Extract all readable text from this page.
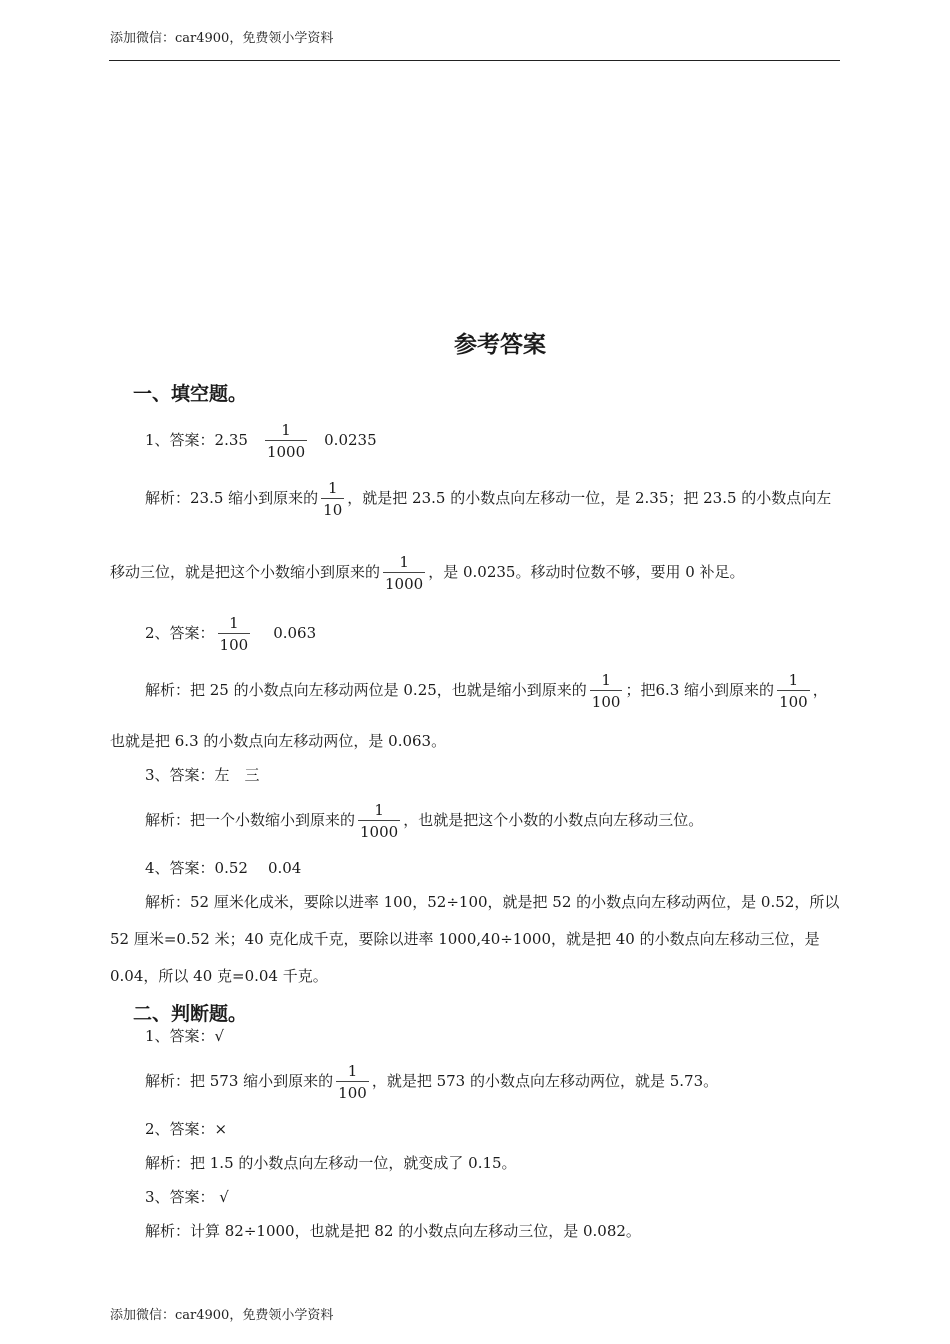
添加微信：car4900，免费领小学资料
参考答案
一、填空题。
1、答案：$2.35 \frac{1}{1000} 0.0235$
解析：23.5 缩小到原来的 $\frac{1}{10}$ ，就是把 23.5 的小数点向左移动一位，是 2.35；把 23.5 的小数点向左
移动三位，就是把这个小数缩小到原来的 $\frac{1}{1000}$ ，是 0.0235。移动时位数不够，要用 0 补足。
2、答案： $\frac{1}{100} 0.063$
解析：把 25 的小数点向左移动两位是 0.25，也就是缩小到原来的 $\frac{1}{100}$ ；把6.3 缩小到原来的 $\frac{1}{100}$ ，
也就是把 6.3 的小数点向左移动两位，是 0.063。
3、答案：左　三
解析：把一个小数缩小到原来的 $\frac{1}{1000}$ ，也就是把这个小数的小数点向左移动三位。
4、答案：0.52 0.04
解析：52 厘米化成米，要除以进率 100，52÷100，就是把 52 的小数点向左移动两位，是 0.52，所以
52 厘米=0.52 米；40 克化成千克，要除以进率 1000,40÷1000，就是把 40 的小数点向左移动三位，是
0.04，所以 40 克=0.04 千克。
二、判断题。
1、答案：√
解析：把 573 缩小到原来的 $\frac{1}{100}$ ，就是把 573 的小数点向左移动两位，就是 5.73。
2、答案：×
解析：把 1.5 的小数点向左移动一位，就变成了 0.15。
3、答案： √
解析：计算 82÷1000，也就是把 82 的小数点向左移动三位，是 0.082。
添加微信：car4900，免费领小学资料
